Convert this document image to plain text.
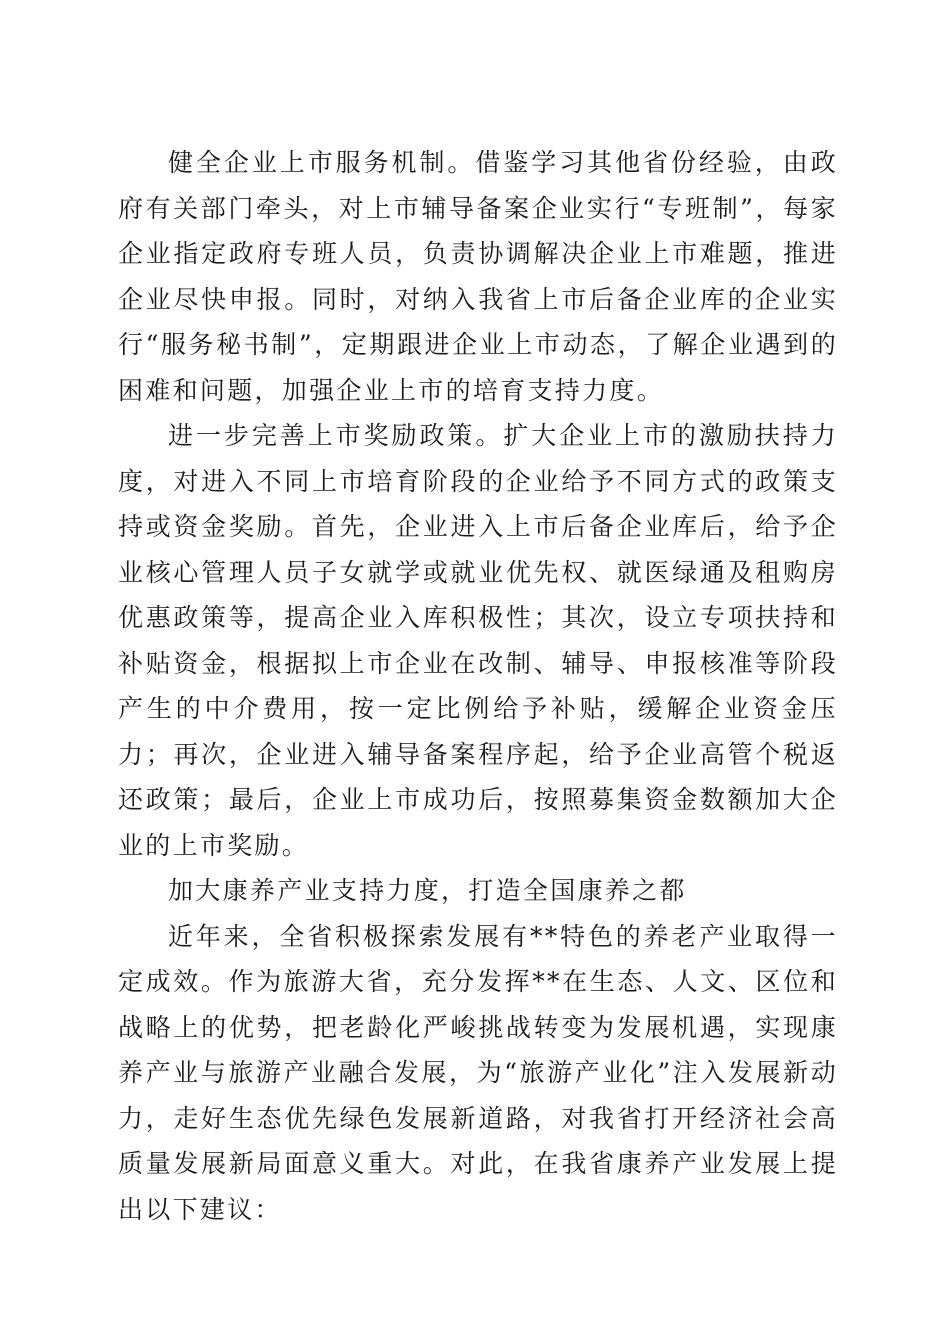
健全企业上市服务机制。借鉴学习其他省份经验，由政府有关部门牵头，对上市辅导备案企业实行“专班制”，每家企业指定政府专班人员，负责协调解决企业上市难题，推进企业尽快申报。同时，对纳入我省上市后备企业库的企业实行“服务秘书制”，定期跟进企业上市动态，了解企业遇到的困难和问题，加强企业上市的培育支持力度。

进一步完善上市奖励政策。扩大企业上市的激励扶持力度，对进入不同上市培育阶段的企业给予不同方式的政策支持或资金奖励。首先，企业进入上市后备企业库后，给予企业核心管理人员子女就学或就业优先权、就医绿通及租购房优惠政策等，提高企业入库积极性；其次，设立专项扶持和补贴资金，根据拟上市企业在改制、辅导、申报核准等阶段产生的中介费用，按一定比例给予补贴，缓解企业资金压力；再次，企业进入辅导备案程序起，给予企业高管个税返还政策；最后，企业上市成功后，按照募集资金数额加大企业的上市奖励。

加大康养产业支持力度，打造全国康养之都

近年来，全省积极探索发展有**特色的养老产业取得一定成效。作为旅游大省，充分发挥**在生态、人文、区位和战略上的优势，把老龄化严峻挑战转变为发展机遇，实现康养产业与旅游产业融合发展，为“旅游产业化”注入发展新动力，走好生态优先绿色发展新道路，对我省打开经济社会高质量发展新局面意义重大。对此，在我省康养产业发展上提出以下建议：
